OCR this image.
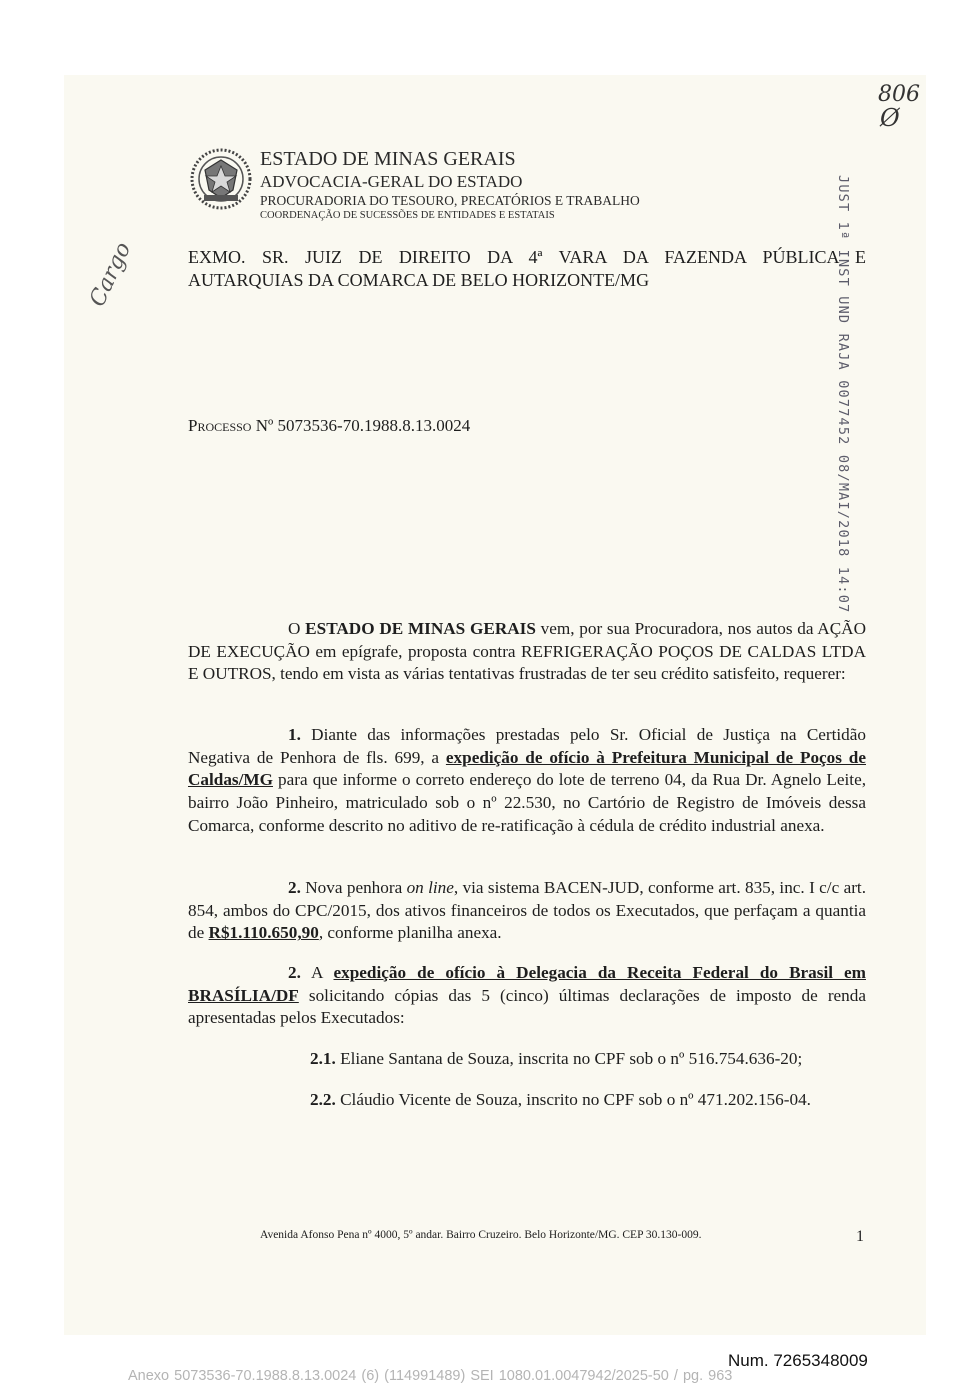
ESTADO DE MINAS GERAIS
ADVOCACIA-GERAL DO ESTADO
PROCURADORIA DO TESOURO, PRECATÓRIOS E TRABALHO
COORDENAÇÃO DE SUCESSÕES DE ENTIDADES E ESTATAIS
EXMO. SR. JUIZ DE DIREITO DA 4ª VARA DA FAZENDA PÚBLICA E
AUTARQUIAS DA COMARCA DE BELO HORIZONTE/MG
Processo Nº 5073536-70.1988.8.13.0024
O ESTADO DE MINAS GERAIS vem, por sua Procuradora, nos autos da AÇÃO DE EXECUÇÃO em epígrafe, proposta contra REFRIGERAÇÃO POÇOS DE CALDAS LTDA E OUTROS, tendo em vista as várias tentativas frustradas de ter seu crédito satisfeito, requerer:
1. Diante das informações prestadas pelo Sr. Oficial de Justiça na Certidão Negativa de Penhora de fls. 699, a expedição de ofício à Prefeitura Municipal de Poços de Caldas/MG para que informe o correto endereço do lote de terreno 04, da Rua Dr. Agnelo Leite, bairro João Pinheiro, matriculado sob o nº 22.530, no Cartório de Registro de Imóveis dessa Comarca, conforme descrito no aditivo de re-ratificação à cédula de crédito industrial anexa.
2. Nova penhora on line, via sistema BACEN-JUD, conforme art. 835, inc. I c/c art. 854, ambos do CPC/2015, dos ativos financeiros de todos os Executados, que perfaçam a quantia de R$1.110.650,90, conforme planilha anexa.
2. A expedição de ofício à Delegacia da Receita Federal do Brasil em BRASÍLIA/DF solicitando cópias das 5 (cinco) últimas declarações de imposto de renda apresentadas pelos Executados:
2.1. Eliane Santana de Souza, inscrita no CPF sob o nº 516.754.636-20;
2.2. Cláudio Vicente de Souza, inscrito no CPF sob o nº 471.202.156-04.
Avenida Afonso Pena nº 4000, 5º andar. Bairro Cruzeiro. Belo Horizonte/MG. CEP 30.130-009.	1
JUST 1ª INST UND RAJA 0077452 08/MAI/2018 14:07
806
Ø
Cargo
Num. 7265348009
Anexo 5073536-70.1988.8.13.0024 (6) (114991489) SEI 1080.01.0047942/2025-50 / pg. 963
